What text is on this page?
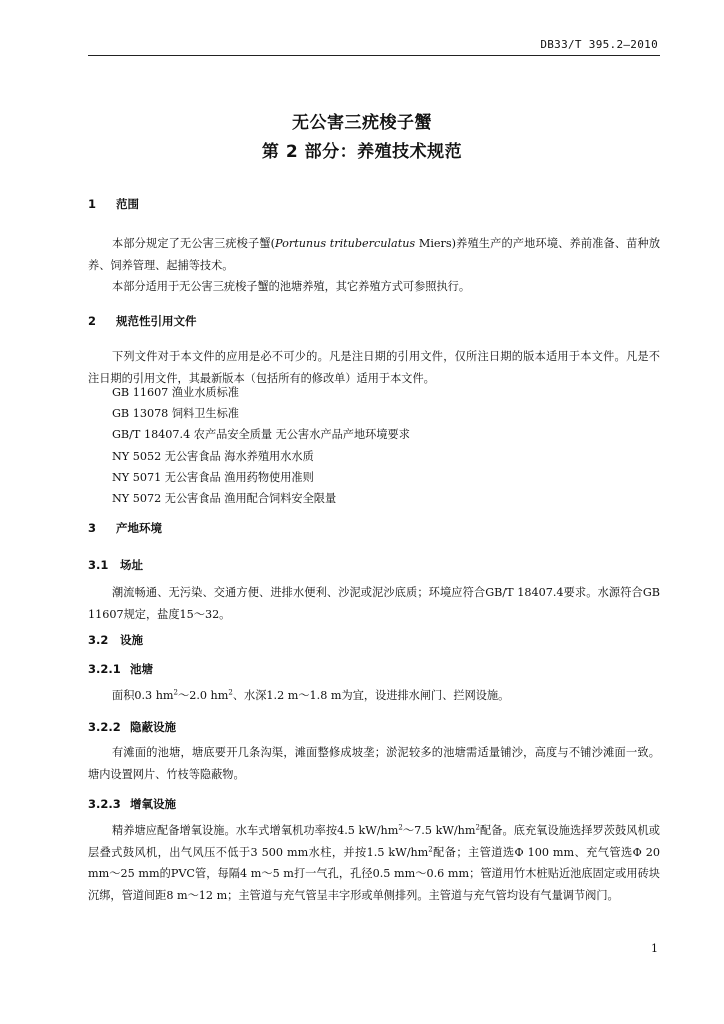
DB33/T 395.2—2010
无公害三疣梭子蟹
第 2 部分：养殖技术规范
1 范围
本部分规定了无公害三疣梭子蟹(Portunus trituberculatus Miers)养殖生产的产地环境、养前准备、苗种放养、饲养管理、起捕等技术。
本部分适用于无公害三疣梭子蟹的池塘养殖，其它养殖方式可参照执行。
2 规范性引用文件
下列文件对于本文件的应用是必不可少的。凡是注日期的引用文件，仅所注日期的版本适用于本文件。凡是不注日期的引用文件，其最新版本（包括所有的修改单）适用于本文件。
GB 11607 渔业水质标准
GB 13078 饲料卫生标准
GB/T 18407.4 农产品安全质量 无公害水产品产地环境要求
NY 5052 无公害食品 海水养殖用水水质
NY 5071 无公害食品 渔用药物使用准则
NY 5072 无公害食品 渔用配合饲料安全限量
3 产地环境
3.1 场址
潮流畅通、无污染、交通方便、进排水便利、沙泥或泥沙底质；环境应符合GB/T 18407.4要求。水源符合GB 11607规定，盐度15～32。
3.2 设施
3.2.1 池塘
面积0.3 $hm^2\sim 2.0$ $hm^2$、水深1.2 m～1.8 m为宜，设进排水闸门、拦网设施。
3.2.2 隐蔽设施
有滩面的池塘，塘底要开几条沟渠，滩面整修成坡垄；淤泥较多的池塘需适量铺沙，高度与不铺沙滩面一致。塘内设置网片、竹枝等隐蔽物。
3.2.3 增氧设施
精养塘应配备增氧设施。水车式增氧机功率按4.5 $kW/hm^2\sim 7.5$ $kW/hm^2$配备。底充氧设施选择罗茨鼓风机或层叠式鼓风机，出气风压不低于3 500 mm水柱，并按1.5 $kW/hm^2$配备；主管道选Φ 100 mm、充气管选Φ 20 mm～25 mm的PVC管，每隔4 m～5 m打一气孔，孔径0.5 mm～0.6 mm；管道用竹木桩贴近池底固定或用砖块沉绑，管道间距8 m～12 m；主管道与充气管呈丰字形或单侧排列。主管道与充气管均设有气量调节阀门。
1
